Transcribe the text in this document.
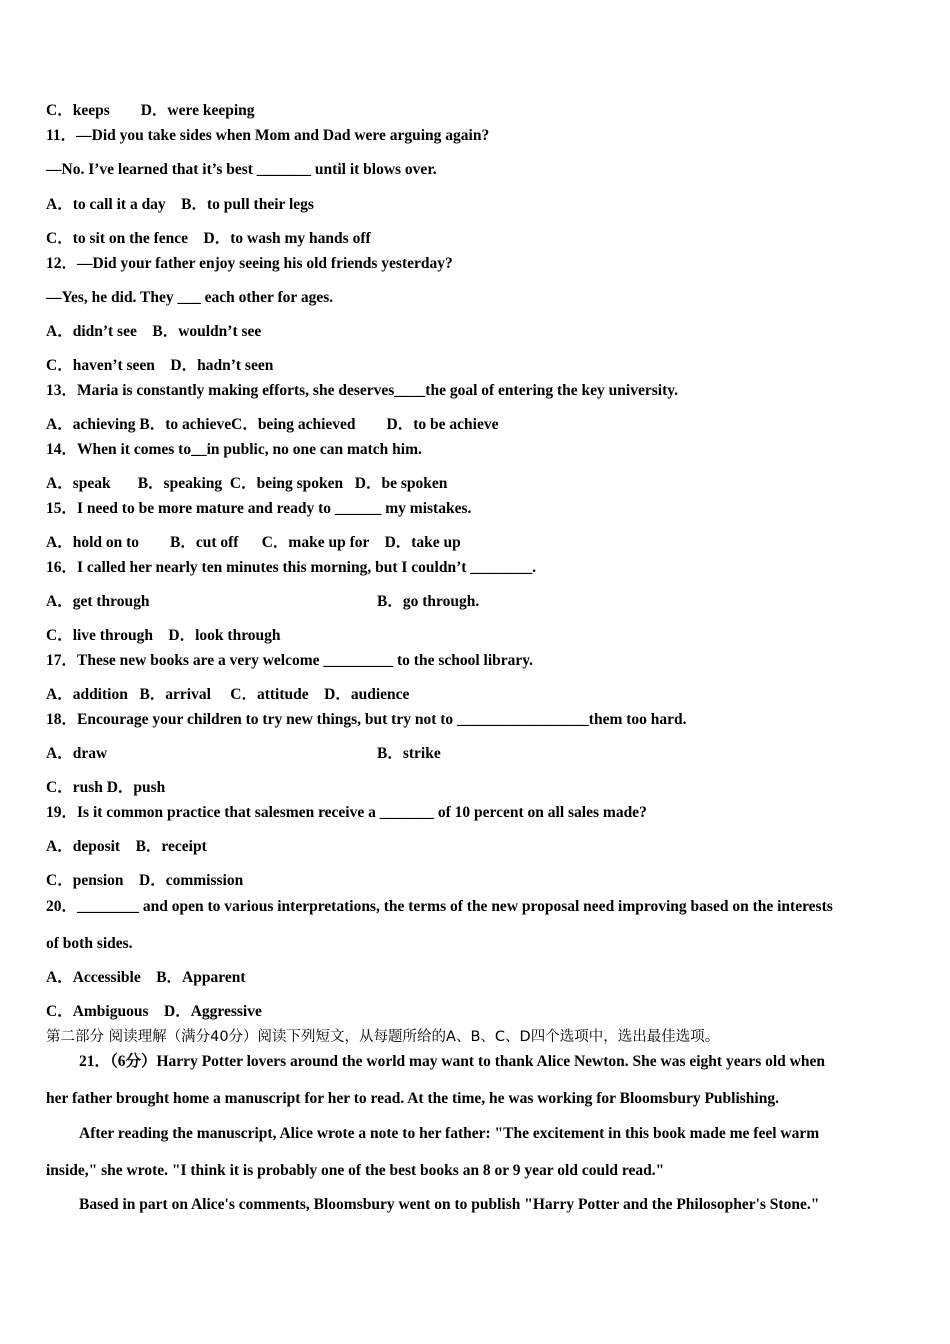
C．keeps        D．were keeping
11．—Did you take sides when Mom and Dad were arguing again?
—No. I’ve learned that it’s best _______ until it blows over.
A．to call it a day    B．to pull their legs
C．to sit on the fence    D．to wash my hands off
12．—Did your father enjoy seeing his old friends yesterday?
—Yes, he did. They ___ each other for ages.
A．didn’t see    B．wouldn’t see
C．haven’t seen    D．hadn’t seen
13．Maria is constantly making efforts, she deserves____the goal of entering the key university.
A．achieving B．to achieveC．being achieved        D．to be achieve
14．When it comes to__in public, no one can match him.
A．speak       B．speaking  C．being spoken   D．be spoken
15．I need to be more mature and ready to ______ my mistakes.
A．hold on to        B．cut off      C．make up for    D．take up
16．I called her nearly ten minutes this morning, but I couldn’t ________.
A．get through	B．go through.
C．live through    D．look through
17．These new books are a very welcome _________ to the school library.
A．addition   B．arrival     C．attitude    D．audience
18．Encourage your children to try new things, but try not to _________________them too hard.
A．draw	B．strike
C．rush D．push
19．Is it common practice that salesmen receive a _______ of 10 percent on all sales made?
A．deposit    B．receipt
C．pension    D．commission
20．________ and open to various interpretations, the terms of the new proposal need improving based on the interests
of both sides.
A．Accessible    B．Apparent
C．Ambiguous    D．Aggressive
第二部分 阅读理解（满分40分）阅读下列短文，从每题所给的A、B、C、D四个选项中，选出最佳选项。
21．（6分）Harry Potter lovers around the world may want to thank Alice Newton. She was eight years old when
her father brought home a manuscript for her to read. At the time, he was working for Bloomsbury Publishing.
After reading the manuscript, Alice wrote a note to her father: "The excitement in this book made me feel warm
inside," she wrote. "I think it is probably one of the best books an 8 or 9 year old could read."
Based in part on Alice's comments, Bloomsbury went on to publish "Harry Potter and the Philosopher's Stone."
